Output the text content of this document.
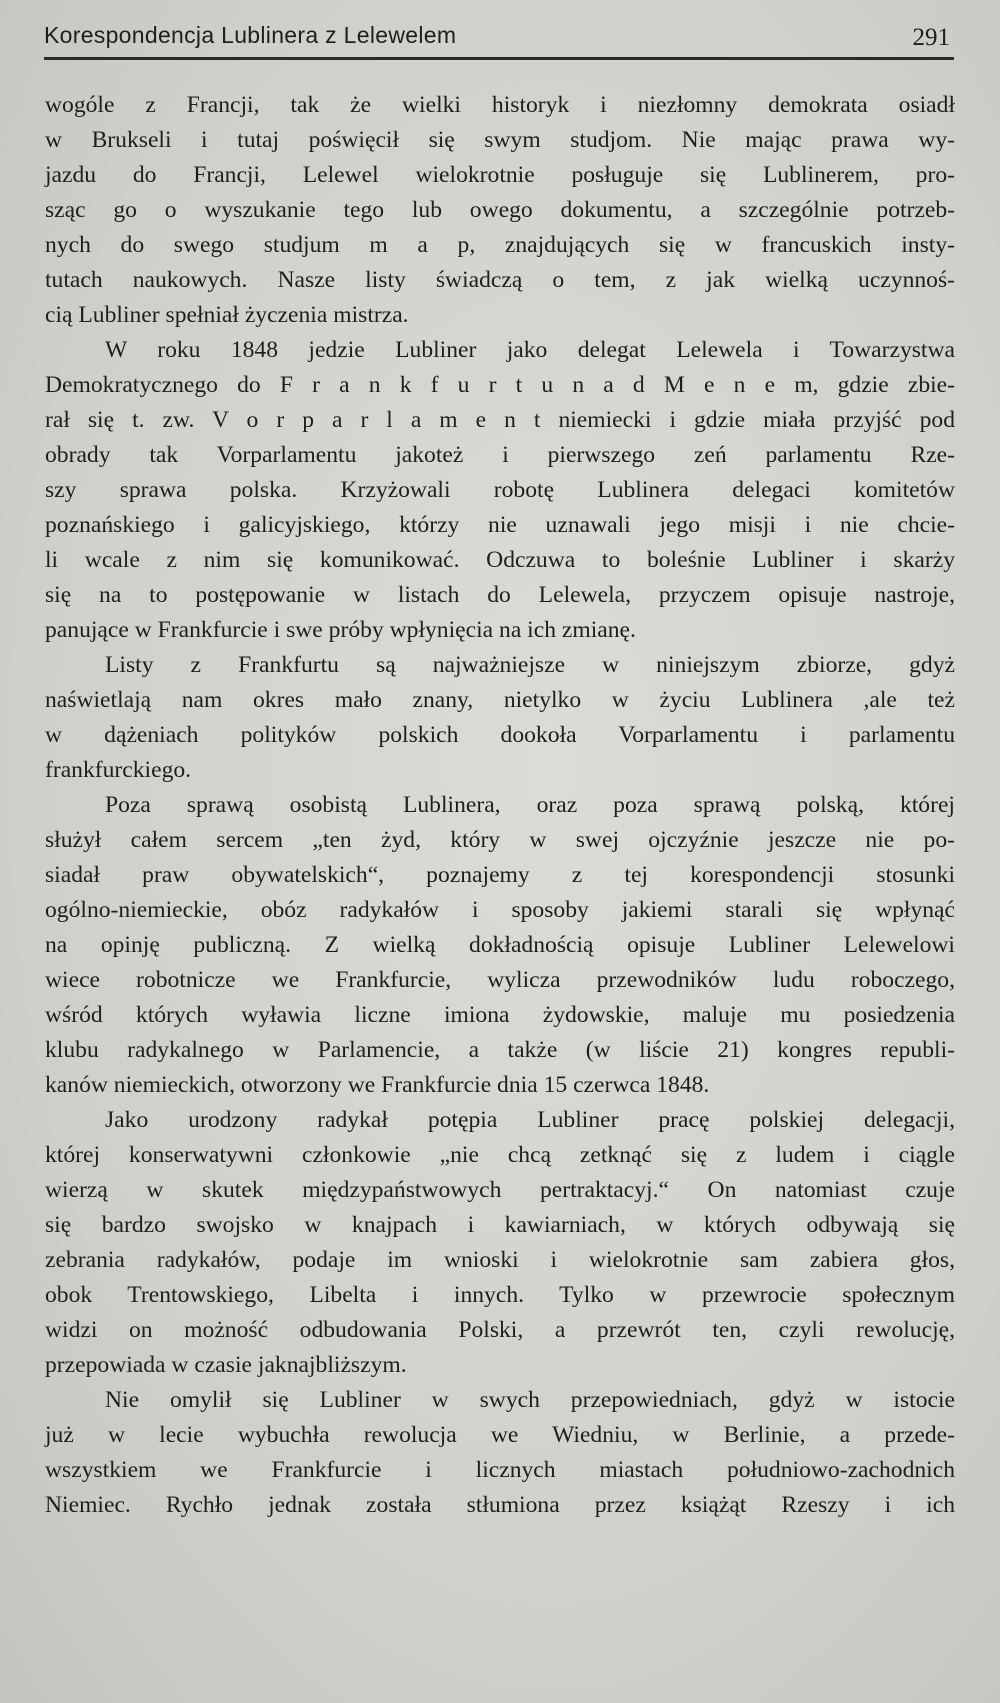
Korespondencja Lublinera z Lelewelem	291
wogóle z Francji, tak że wielki historyk i niezłomny demokrata osiadł
w Brukseli i tutaj poświęcił się swym studjom. Nie mając prawa wy-
jazdu do Francji, Lelewel wielokrotnie posługuje się Lublinerem, pro-
sząc go o wyszukanie tego lub owego dokumentu, a szczególnie potrzeb-
nych do swego studjum m a p, znajdujących się w francuskich insty-
tutach naukowych. Nasze listy świadczą o tem, z jak wielką uczynnoś-
cią Lubliner spełniał życzenia mistrza.
W roku 1848 jedzie Lubliner jako delegat Lelewela i Towarzystwa
Demokratycznego do F r a n k f u r t u n a d M e n e m, gdzie zbie-
rał się t. zw. V o r p a r l a m e n t niemiecki i gdzie miała przyjść pod
obrady tak Vorparlamentu jakoteż i pierwszego zeń parlamentu Rze-
szy sprawa polska. Krzyżowali robotę Lublinera delegaci komitetów
poznańskiego i galicyjskiego, którzy nie uznawali jego misji i nie chcie-
li wcale z nim się komunikować. Odczuwa to boleśnie Lubliner i skarży
się na to postępowanie w listach do Lelewela, przyczem opisuje nastroje,
panujące w Frankfurcie i swe próby wpłynięcia na ich zmianę.
Listy z Frankfurtu są najważniejsze w niniejszym zbiorze, gdyż
naświetlają nam okres mało znany, nietylko w życiu Lublinera ,ale też
w dążeniach polityków polskich dookoła Vorparlamentu i parlamentu
frankfurckiego.
Poza sprawą osobistą Lublinera, oraz poza sprawą polską, której
służył całem sercem „ten żyd, który w swej ojczyźnie jeszcze nie po-
siadał praw obywatelskich“, poznajemy z tej korespondencji stosunki
ogólno-niemieckie, obóz radykałów i sposoby jakiemi starali się wpłynąć
na opinję publiczną. Z wielką dokładnością opisuje Lubliner Lelewelowi
wiece robotnicze we Frankfurcie, wylicza przewodników ludu roboczego,
wśród których wyławia liczne imiona żydowskie, maluje mu posiedzenia
klubu radykalnego w Parlamencie, a także (w liście 21) kongres republi-
kanów niemieckich, otworzony we Frankfurcie dnia 15 czerwca 1848.
Jako urodzony radykał potępia Lubliner pracę polskiej delegacji,
której konserwatywni członkowie „nie chcą zetknąć się z ludem i ciągle
wierzą w skutek międzypaństwowych pertraktacyj.“ On natomiast czuje
się bardzo swojsko w knajpach i kawiarniach, w których odbywają się
zebrania radykałów, podaje im wnioski i wielokrotnie sam zabiera głos,
obok Trentowskiego, Libelta i innych. Tylko w przewrocie społecznym
widzi on możność odbudowania Polski, a przewrót ten, czyli rewolucję,
przepowiada w czasie jaknajbliższym.
Nie omylił się Lubliner w swych przepowiedniach, gdyż w istocie
już w lecie wybuchła rewolucja we Wiedniu, w Berlinie, a przede-
wszystkiem we Frankfurcie i licznych miastach południowo-zachodnich
Niemiec. Rychło jednak została stłumiona przez książąt Rzeszy i ich
